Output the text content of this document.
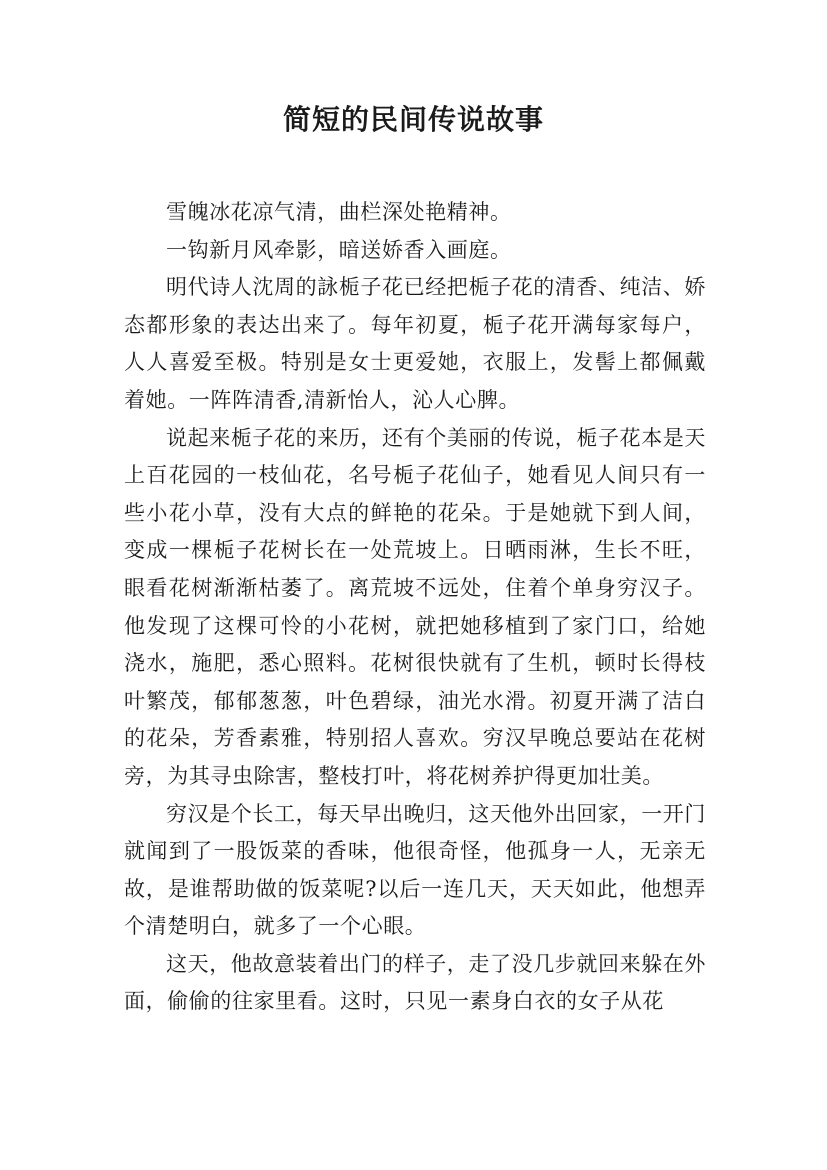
简短的民间传说故事

雪魄冰花凉气清，曲栏深处艳精神。

一钩新月风牵影，暗送娇香入画庭。

明代诗人沈周的詠栀子花已经把栀子花的清香、纯洁、娇态都形象的表达出来了。每年初夏，栀子花开满每家每户，人人喜爱至极。特别是女士更爱她，衣服上，发髻上都佩戴着她。一阵阵清香,清新怡人，沁人心脾。

说起来栀子花的来历，还有个美丽的传说，栀子花本是天上百花园的一枝仙花，名号栀子花仙子，她看见人间只有一些小花小草，没有大点的鲜艳的花朵。于是她就下到人间，变成一棵栀子花树长在一处荒坡上。日晒雨淋，生长不旺，眼看花树渐渐枯萎了。离荒坡不远处，住着个单身穷汉子。他发现了这棵可怜的小花树，就把她移植到了家门口，给她浇水，施肥，悉心照料。花树很快就有了生机，顿时长得枝叶繁茂，郁郁葱葱，叶色碧绿，油光水滑。初夏开满了洁白的花朵，芳香素雅，特别招人喜欢。穷汉早晚总要站在花树旁，为其寻虫除害，整枝打叶，将花树养护得更加壮美。

穷汉是个长工，每天早出晚归，这天他外出回家，一开门就闻到了一股饭菜的香味，他很奇怪，他孤身一人，无亲无故，是谁帮助做的饭菜呢?以后一连几天，天天如此，他想弄个清楚明白，就多了一个心眼。

这天，他故意装着出门的样子，走了没几步就回来躲在外面，偷偷的往家里看。这时，只见一素身白衣的女子从花
